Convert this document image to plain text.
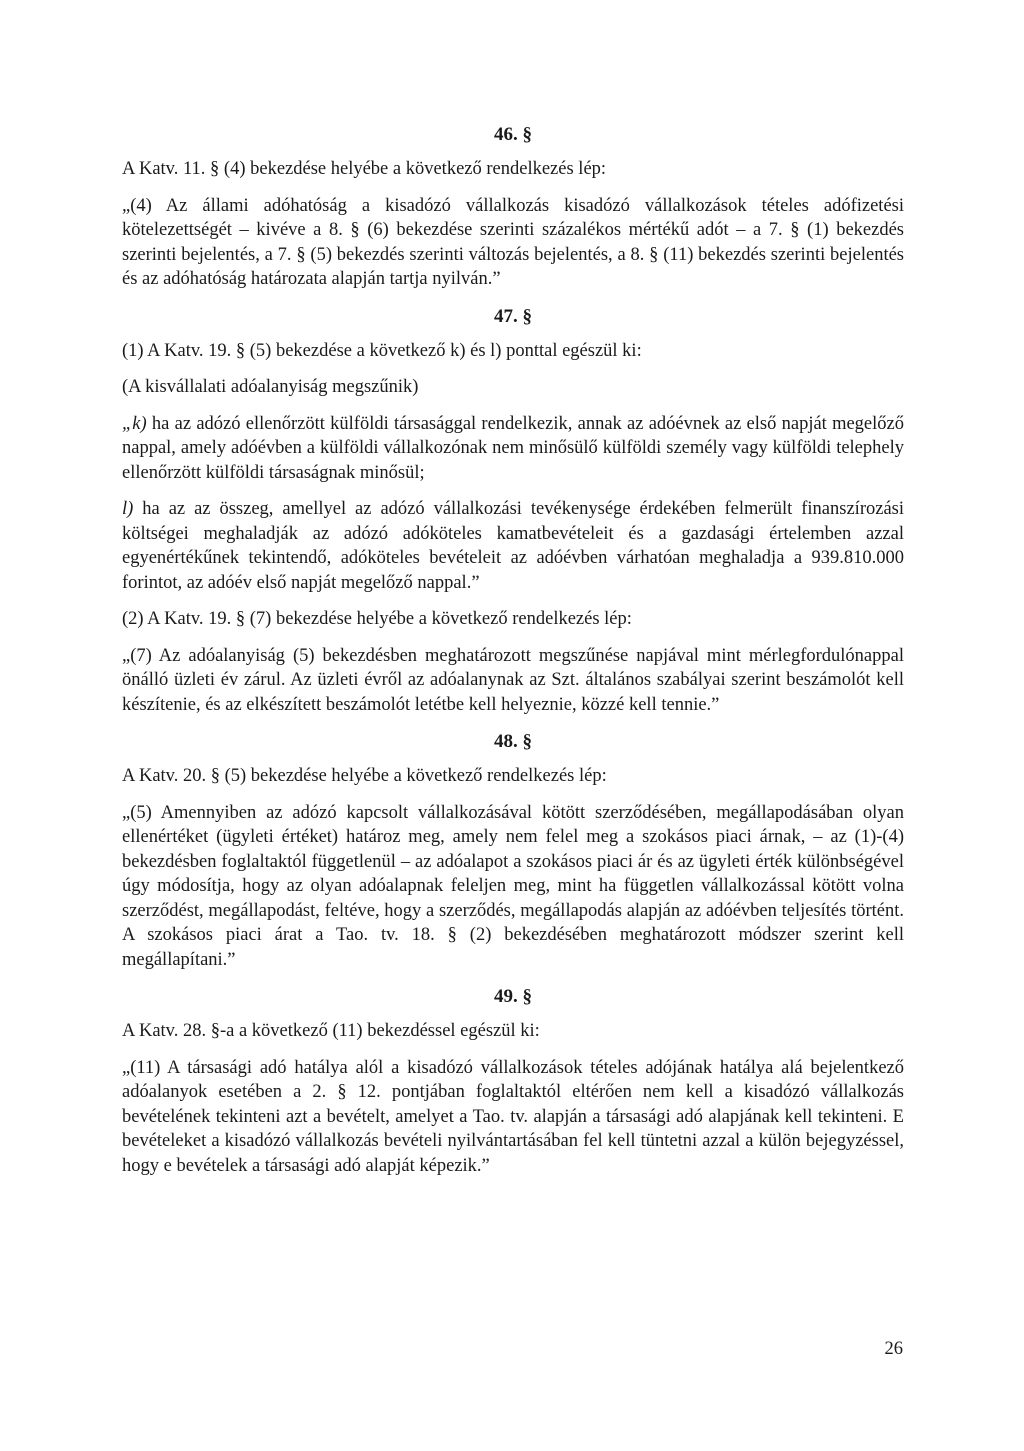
46. §
A Katv. 11. § (4) bekezdése helyébe a következő rendelkezés lép:
„(4) Az állami adóhatóság a kisadózó vállalkozás kisadózó vállalkozások tételes adófizetési kötelezettségét – kivéve a 8. § (6) bekezdése szerinti százalékos mértékű adót – a 7. § (1) bekezdés szerinti bejelentés, a 7. § (5) bekezdés szerinti változás bejelentés, a 8. § (11) bekezdés szerinti bejelentés és az adóhatóság határozata alapján tartja nyilván.”
47. §
(1) A Katv. 19. § (5) bekezdése a következő k) és l) ponttal egészül ki:
(A kisvállalati adóalanyiság megszűnik)
„k) ha az adózó ellenőrzött külföldi társasággal rendelkezik, annak az adóévnek az első napját megelőző nappal, amely adóévben a külföldi vállalkozónak nem minősülő külföldi személy vagy külföldi telephely ellenőrzött külföldi társaságnak minősül;
l) ha az az összeg, amellyel az adózó vállalkozási tevékenysége érdekében felmerült finanszírozási költségei meghaladják az adózó adóköteles kamatbevételeit és a gazdasági értelemben azzal egyenértékűnek tekintendő, adóköteles bevételeit az adóévben várhatóan meghaladja a 939.810.000 forintot, az adóév első napját megelőző nappal.”
(2) A Katv. 19. § (7) bekezdése helyébe a következő rendelkezés lép:
„(7) Az adóalanyiság (5) bekezdésben meghatározott megszűnése napjával mint mérlegfordulónappal önálló üzleti év zárul. Az üzleti évről az adóalanynak az Szt. általános szabályai szerint beszámolót kell készítenie, és az elkészített beszámolót letétbe kell helyeznie, közzé kell tennie.”
48. §
A Katv. 20. § (5) bekezdése helyébe a következő rendelkezés lép:
„(5) Amennyiben az adózó kapcsolt vállalkozásával kötött szerződésében, megállapodásában olyan ellenértéket (ügyleti értéket) határoz meg, amely nem felel meg a szokásos piaci árnak, – az (1)-(4) bekezdésben foglaltaktól függetlenül – az adóalapot a szokásos piaci ár és az ügyleti érték különbségével úgy módosítja, hogy az olyan adóalapnak feleljen meg, mint ha független vállalkozással kötött volna szerződést, megállapodást, feltéve, hogy a szerződés, megállapodás alapján az adóévben teljesítés történt. A szokásos piaci árat a Tao. tv. 18. § (2) bekezdésében meghatározott módszer szerint kell megállapítani.”
49. §
A Katv. 28. §-a a következő (11) bekezdéssel egészül ki:
„(11) A társasági adó hatálya alól a kisadózó vállalkozások tételes adójának hatálya alá bejelentkező adóalanyok esetében a 2. § 12. pontjában foglaltaktól eltérően nem kell a kisadózó vállalkozás bevételének tekinteni azt a bevételt, amelyet a Tao. tv. alapján a társasági adó alapjának kell tekinteni. E bevételeket a kisadózó vállalkozás bevételi nyilvántartásában fel kell tüntetni azzal a külön bejegyzéssel, hogy e bevételek a társasági adó alapját képezik.”
26
